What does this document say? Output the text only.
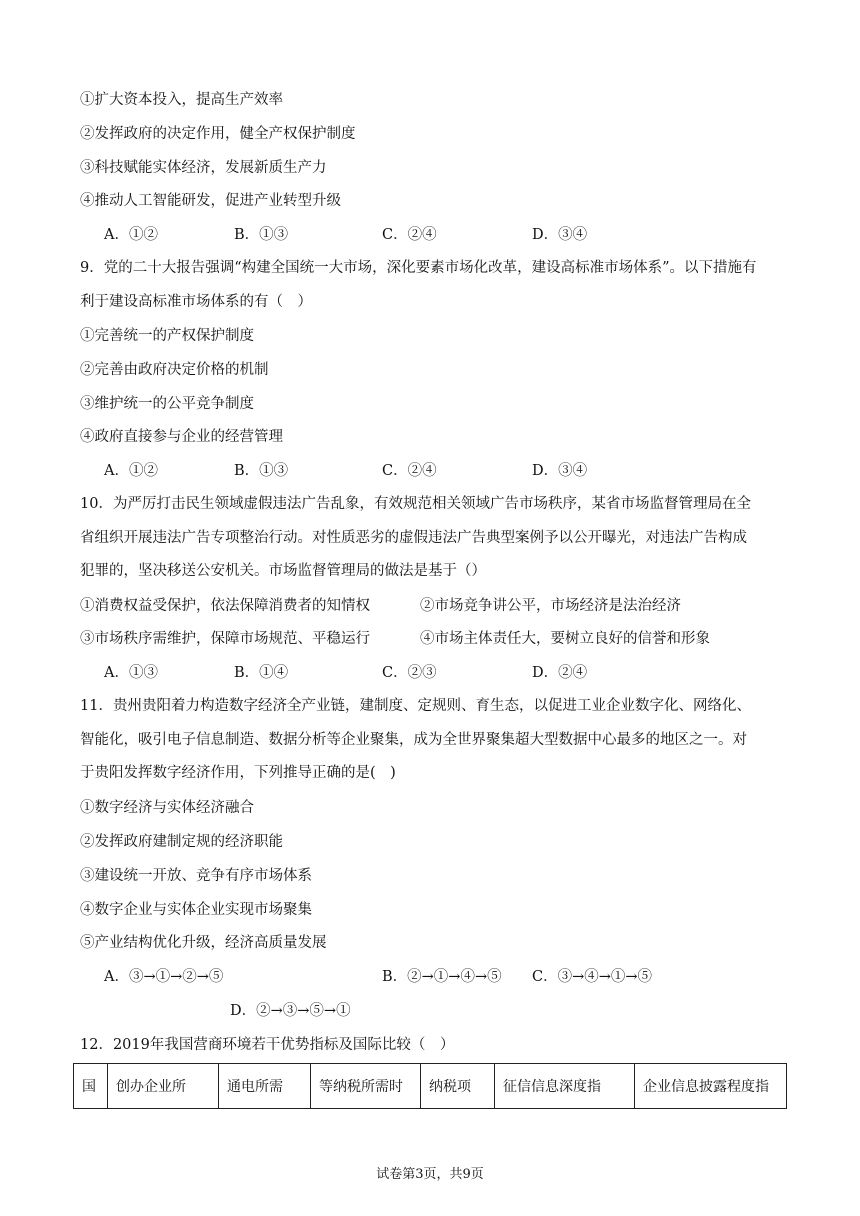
①扩大资本投入，提高生产效率
②发挥政府的决定作用，健全产权保护制度
③科技赋能实体经济，发展新质生产力
④推动人工智能研发，促进产业转型升级
A．①②	B．①③	C．②④	D．③④
9．党的二十大报告强调“构建全国统一大市场，深化要素市场化改革，建设高标准市场体系”。以下措施有
利于建设高标准市场体系的有（　）
①完善统一的产权保护制度
②完善由政府决定价格的机制
③维护统一的公平竞争制度
④政府直接参与企业的经营管理
A．①②	B．①③	C．②④	D．③④
10．为严厉打击民生领域虚假违法广告乱象，有效规范相关领域广告市场秩序，某省市场监督管理局在全
省组织开展违法广告专项整治行动。对性质恶劣的虚假违法广告典型案例予以公开曝光，对违法广告构成
犯罪的，坚决移送公安机关。市场监督管理局的做法是基于（）
①消费权益受保护，依法保障消费者的知情权	②市场竞争讲公平，市场经济是法治经济
③市场秩序需维护，保障市场规范、平稳运行	④市场主体责任大，要树立良好的信誉和形象
A．①③	B．①④	C．②③	D．②④
11．贵州贵阳着力构造数字经济全产业链，建制度、定规则、育生态，以促进工业企业数字化、网络化、
智能化，吸引电子信息制造、数据分析等企业聚集，成为全世界聚集超大型数据中心最多的地区之一。对
于贵阳发挥数字经济作用，下列推导正确的是(　)
①数字经济与实体经济融合
②发挥政府建制定规的经济职能
③建设统一开放、竞争有序市场体系
④数字企业与实体企业实现市场聚集
⑤产业结构优化升级，经济高质量发展
A．③→①→②→⑤	B．②→①→④→⑤ C．③→④→①→⑤
D．②→③→⑤→①
12．2019年我国营商环境若干优势指标及国际比较（　）
国	创办企业所	通电所需	等纳税所需时	纳税项	征信信息深度指	企业信息披露程度指
试卷第3页，共9页
